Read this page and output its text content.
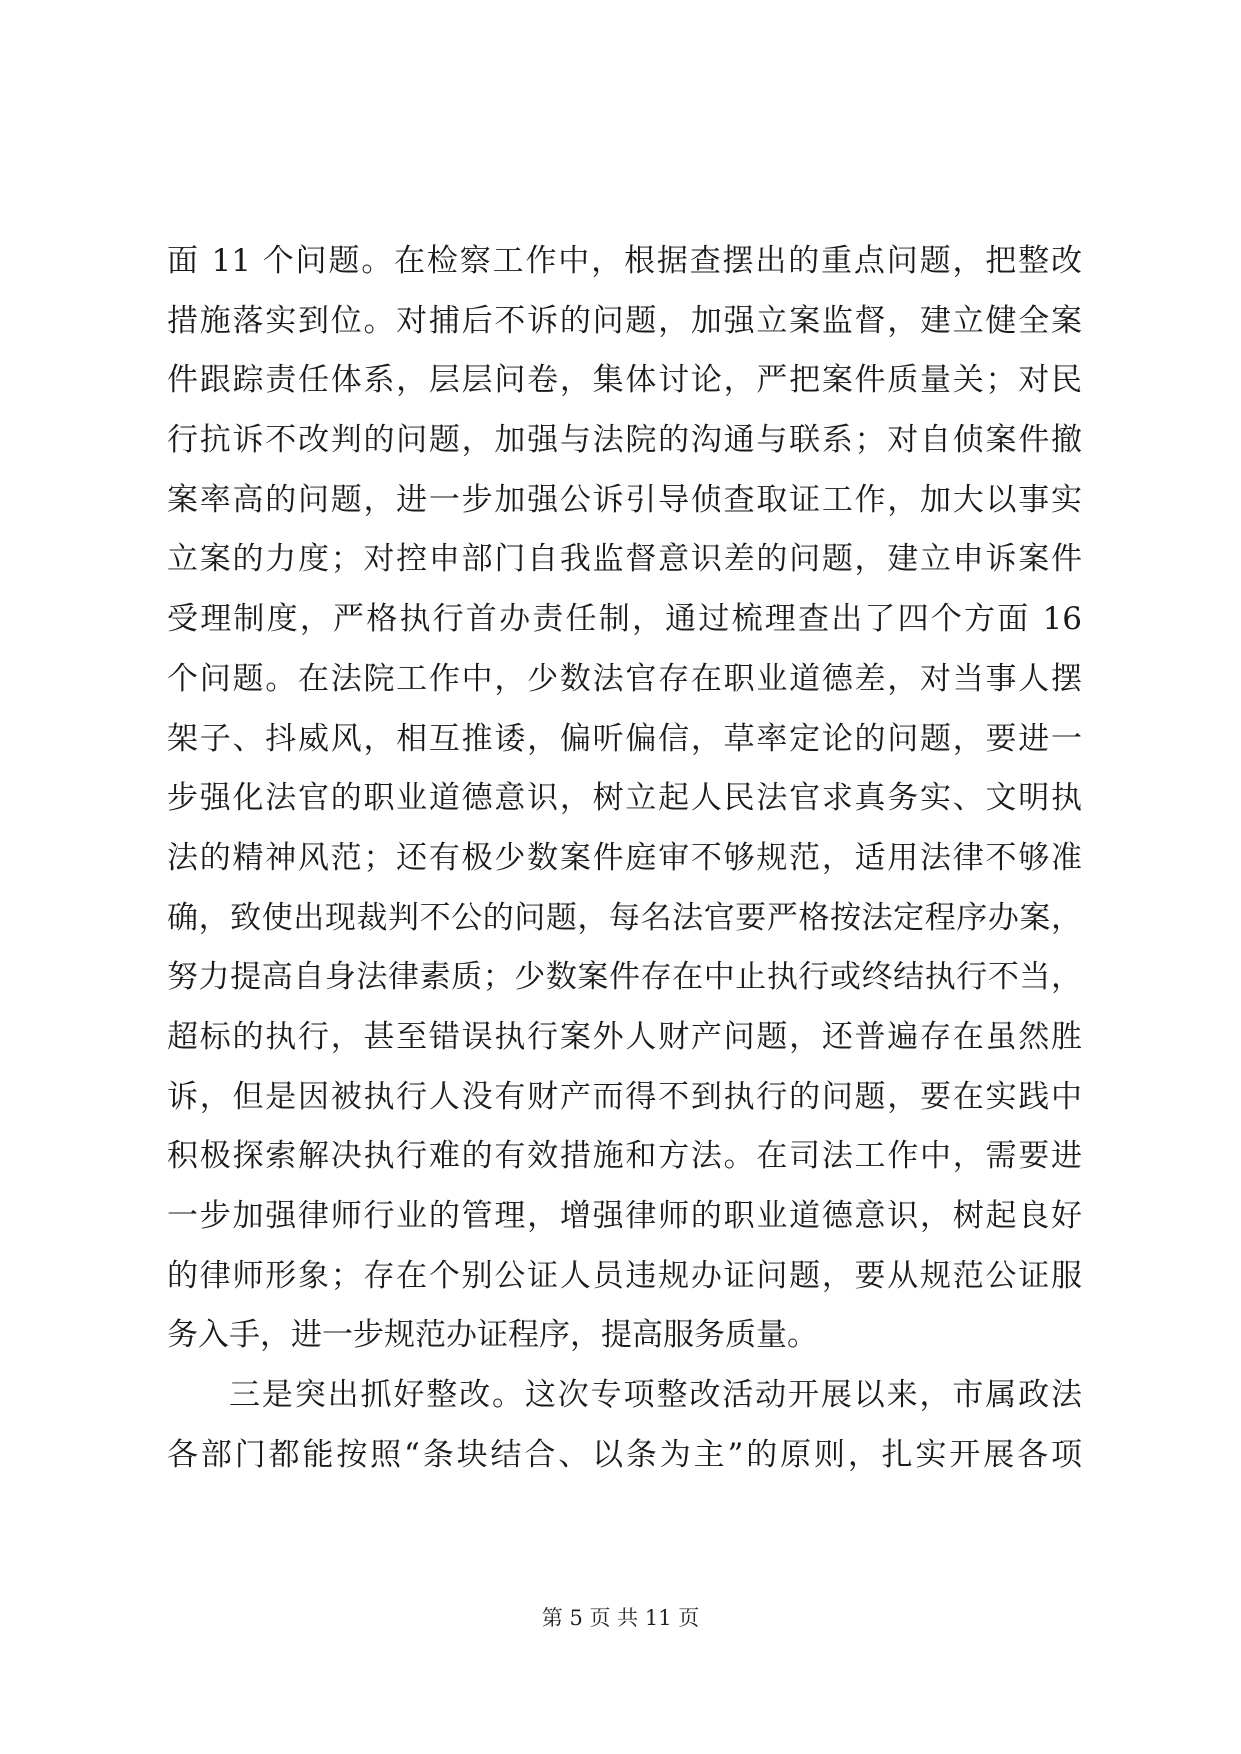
面 11 个问题。在检察工作中，根据查摆出的重点问题，把整改
措施落实到位。对捕后不诉的问题，加强立案监督，建立健全案
件跟踪责任体系，层层问卷，集体讨论，严把案件质量关；对民
行抗诉不改判的问题，加强与法院的沟通与联系；对自侦案件撤
案率高的问题，进一步加强公诉引导侦查取证工作，加大以事实
立案的力度；对控申部门自我监督意识差的问题，建立申诉案件
受理制度，严格执行首办责任制，通过梳理查出了四个方面 16
个问题。在法院工作中，少数法官存在职业道德差，对当事人摆
架子、抖威风，相互推诿，偏听偏信，草率定论的问题，要进一
步强化法官的职业道德意识，树立起人民法官求真务实、文明执
法的精神风范；还有极少数案件庭审不够规范，适用法律不够准
确，致使出现裁判不公的问题，每名法官要严格按法定程序办案，
努力提高自身法律素质；少数案件存在中止执行或终结执行不当，
超标的执行，甚至错误执行案外人财产问题，还普遍存在虽然胜
诉，但是因被执行人没有财产而得不到执行的问题，要在实践中
积极探索解决执行难的有效措施和方法。在司法工作中，需要进
一步加强律师行业的管理，增强律师的职业道德意识，树起良好
的律师形象；存在个别公证人员违规办证问题，要从规范公证服
务入手，进一步规范办证程序，提高服务质量。
三是突出抓好整改。这次专项整改活动开展以来，市属政法
各部门都能按照“条块结合、以条为主”的原则，扎实开展各项
第 5 页 共 11 页
